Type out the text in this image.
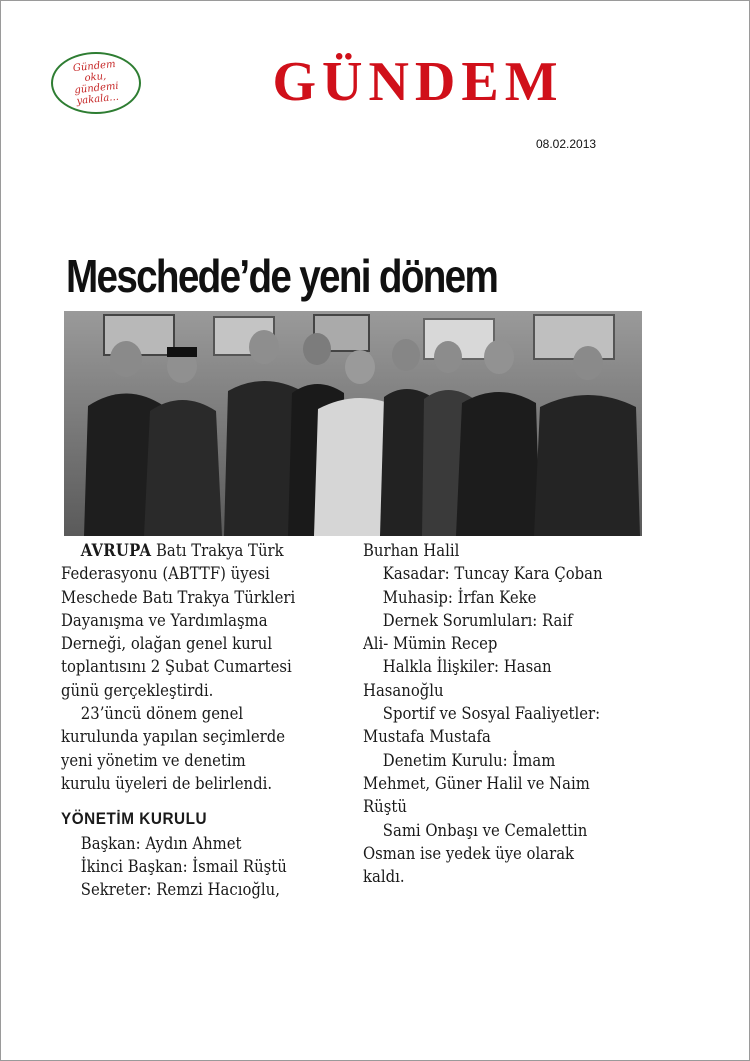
Gündem
oku,
gündemi
yakala...	GÜNDEM
08.02.2013
Meschede’de yeni dönem
AVRUPA Batı Trakya Türk
Federasyonu (ABTTF) üyesi
Meschede Batı Trakya Türkleri
Dayanışma ve Yardımlaşma
Derneği, olağan genel kurul
toplantısını 2 Şubat Cumartesi
günü gerçekleştirdi.
23’üncü dönem genel
kurulunda yapılan seçimlerde
yeni yönetim ve denetim
kurulu üyeleri de belirlendi.
YÖNETİM KURULU
Başkan: Aydın Ahmet
İkinci Başkan: İsmail Rüştü
Sekreter: Remzi Hacıoğlu,
Burhan Halil
Kasadar: Tuncay Kara Çoban
Muhasip: İrfan Keke
Dernek Sorumluları: Raif
Ali- Mümin Recep
Halkla İlişkiler: Hasan
Hasanoğlu
Sportif ve Sosyal Faaliyetler:
Mustafa Mustafa
Denetim Kurulu: İmam
Mehmet, Güner Halil ve Naim
Rüştü
Sami Onbaşı ve Cemalettin
Osman ise yedek üye olarak
kaldı.
